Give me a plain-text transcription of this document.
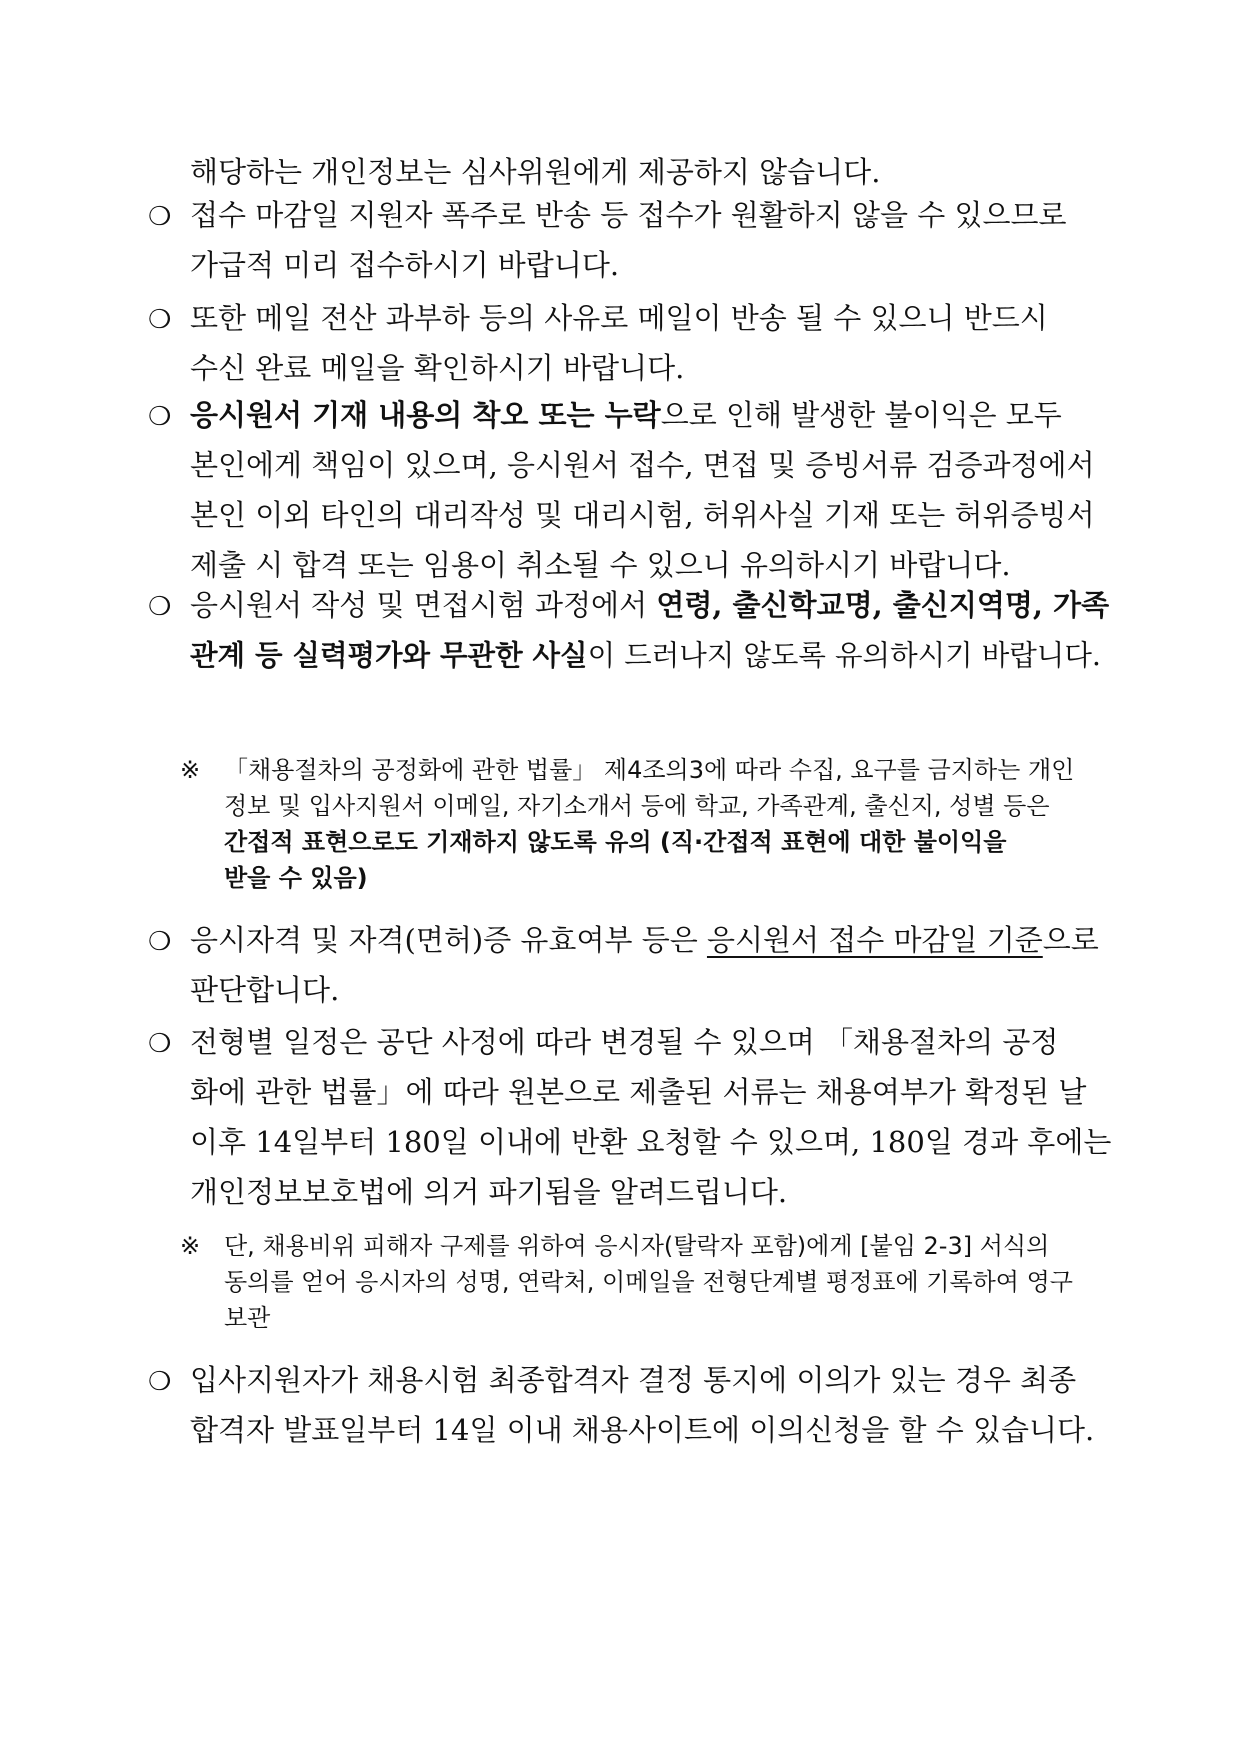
해당하는 개인정보는 심사위원에게 제공하지 않습니다.
❍ 접수 마감일 지원자 폭주로 반송 등 접수가 원활하지 않을 수 있으므로
가급적 미리 접수하시기 바랍니다.
❍ 또한 메일 전산 과부하 등의 사유로 메일이 반송 될 수 있으니 반드시
수신 완료 메일을 확인하시기 바랍니다.
❍ 응시원서 기재 내용의 착오 또는 누락으로 인해 발생한 불이익은 모두
본인에게 책임이 있으며, 응시원서 접수, 면접 및 증빙서류 검증과정에서
본인 이외 타인의 대리작성 및 대리시험, 허위사실 기재 또는 허위증빙서
제출 시 합격 또는 임용이 취소될 수 있으니 유의하시기 바랍니다.
❍ 응시원서 작성 및 면접시험 과정에서 연령, 출신학교명, 출신지역명, 가족
관계 등 실력평가와 무관한 사실이 드러나지 않도록 유의하시기 바랍니다.
※ 「채용절차의 공정화에 관한 법률」 제4조의3에 따라 수집, 요구를 금지하는 개인
정보 및 입사지원서 이메일, 자기소개서 등에 학교, 가족관계, 출신지, 성별 등은
간접적 표현으로도 기재하지 않도록 유의 (직·간접적 표현에 대한 불이익을
받을 수 있음)
❍ 응시자격 및 자격(면허)증 유효여부 등은 응시원서 접수 마감일 기준으로
판단합니다.
❍ 전형별 일정은 공단 사정에 따라 변경될 수 있으며 「채용절차의 공정
화에 관한 법률」에 따라 원본으로 제출된 서류는 채용여부가 확정된 날
이후 14일부터 180일 이내에 반환 요청할 수 있으며, 180일 경과 후에는
개인정보보호법에 의거 파기됨을 알려드립니다.
※ 단, 채용비위 피해자 구제를 위하여 응시자(탈락자 포함)에게 [붙임 2-3] 서식의
동의를 얻어 응시자의 성명, 연락처, 이메일을 전형단계별 평정표에 기록하여 영구
보관
❍ 입사지원자가 채용시험 최종합격자 결정 통지에 이의가 있는 경우 최종
합격자 발표일부터 14일 이내 채용사이트에 이의신청을 할 수 있습니다.
